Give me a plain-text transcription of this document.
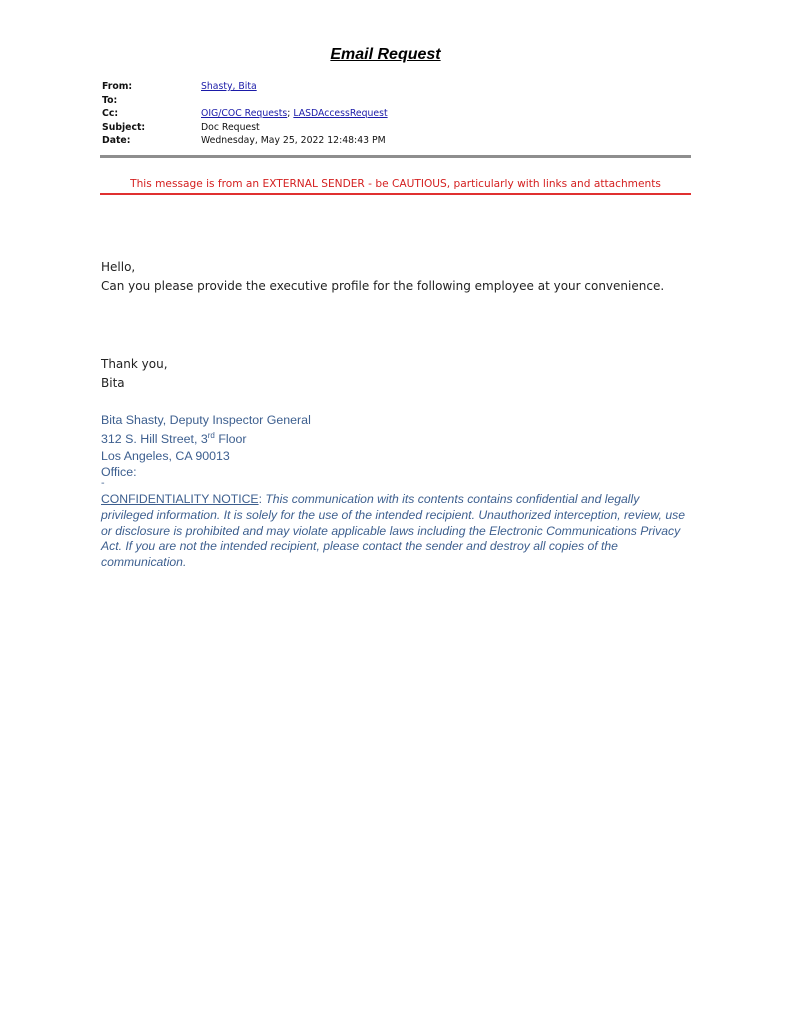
Email Request
From:	Shasty, Bita
To:
Cc:	OIG/COC Requests; LASDAccessRequest
Subject:	Doc Request
Date:	Wednesday, May 25, 2022 12:48:43 PM
This message is from an EXTERNAL SENDER - be CAUTIOUS, particularly with links and attachments
Hello,
Can you please provide the executive profile for the following employee at your convenience.
Thank you,
Bita
Bita Shasty, Deputy Inspector General
312 S. Hill Street, 3rd Floor
Los Angeles, CA 90013
Office:
-
CONFIDENTIALITY NOTICE: This communication with its contents contains confidential and legally privileged information. It is solely for the use of the intended recipient. Unauthorized interception, review, use or disclosure is prohibited and may violate applicable laws including the Electronic Communications Privacy Act. If you are not the intended recipient, please contact the sender and destroy all copies of the communication.
